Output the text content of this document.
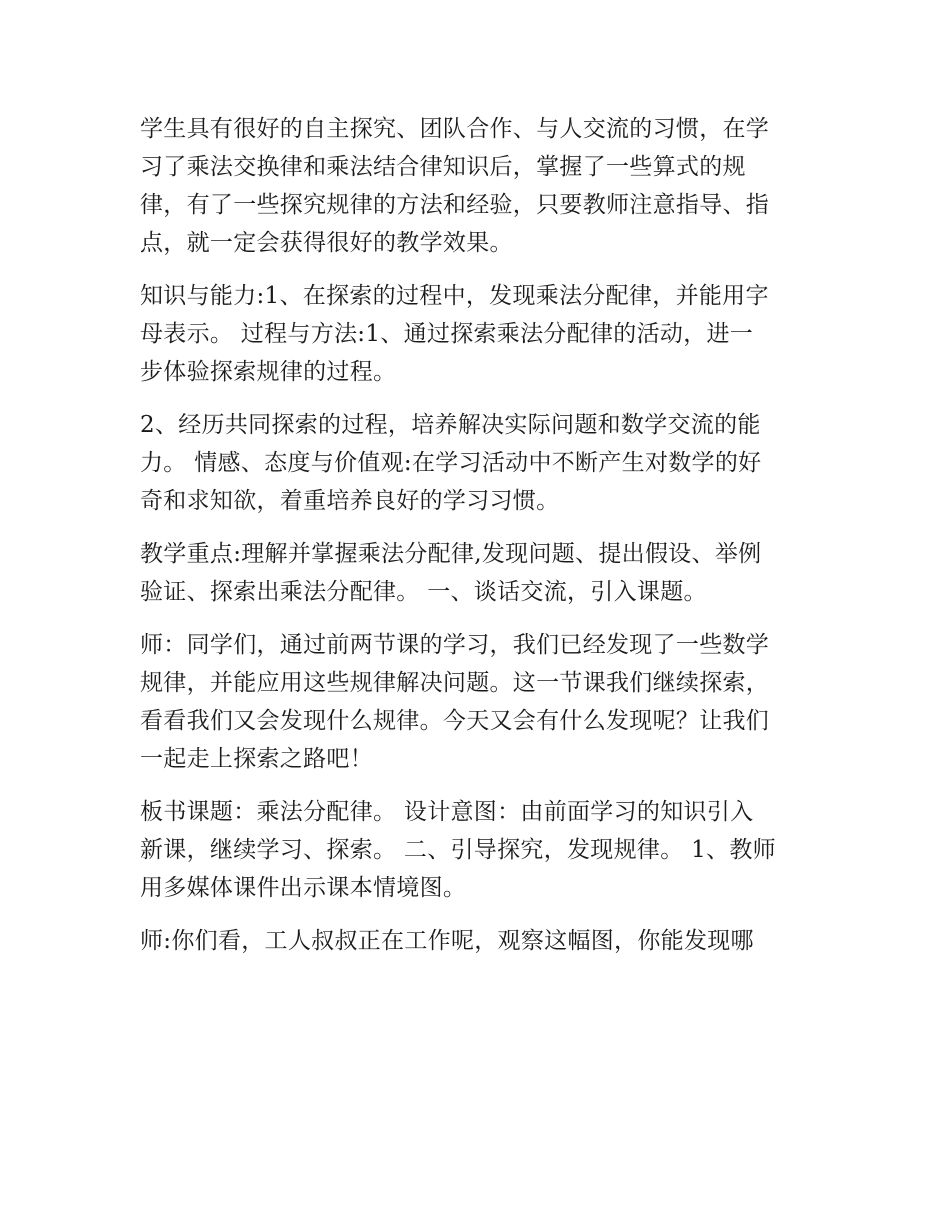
学生具有很好的自主探究、团队合作、与人交流的习惯，在学
习了乘法交换律和乘法结合律知识后，掌握了一些算式的规
律，有了一些探究规律的方法和经验，只要教师注意指导、指
点，就一定会获得很好的教学效果。
知识与能力:1、在探索的过程中，发现乘法分配律，并能用字
母表示。 过程与方法:1、通过探索乘法分配律的活动，进一
步体验探索规律的过程。
2、经历共同探索的过程，培养解决实际问题和数学交流的能
力。 情感、态度与价值观:在学习活动中不断产生对数学的好
奇和求知欲，着重培养良好的学习习惯。
教学重点:理解并掌握乘法分配律,发现问题、提出假设、举例
验证、探索出乘法分配律。 一、谈话交流，引入课题。
师：同学们，通过前两节课的学习，我们已经发现了一些数学
规律，并能应用这些规律解决问题。这一节课我们继续探索，
看看我们又会发现什么规律。今天又会有什么发现呢？让我们
一起走上探索之路吧！
板书课题：乘法分配律。 设计意图：由前面学习的知识引入
新课，继续学习、探索。 二、引导探究，发现规律。 1、教师
用多媒体课件出示课本情境图。
师:你们看，工人叔叔正在工作呢，观察这幅图，你能发现哪
